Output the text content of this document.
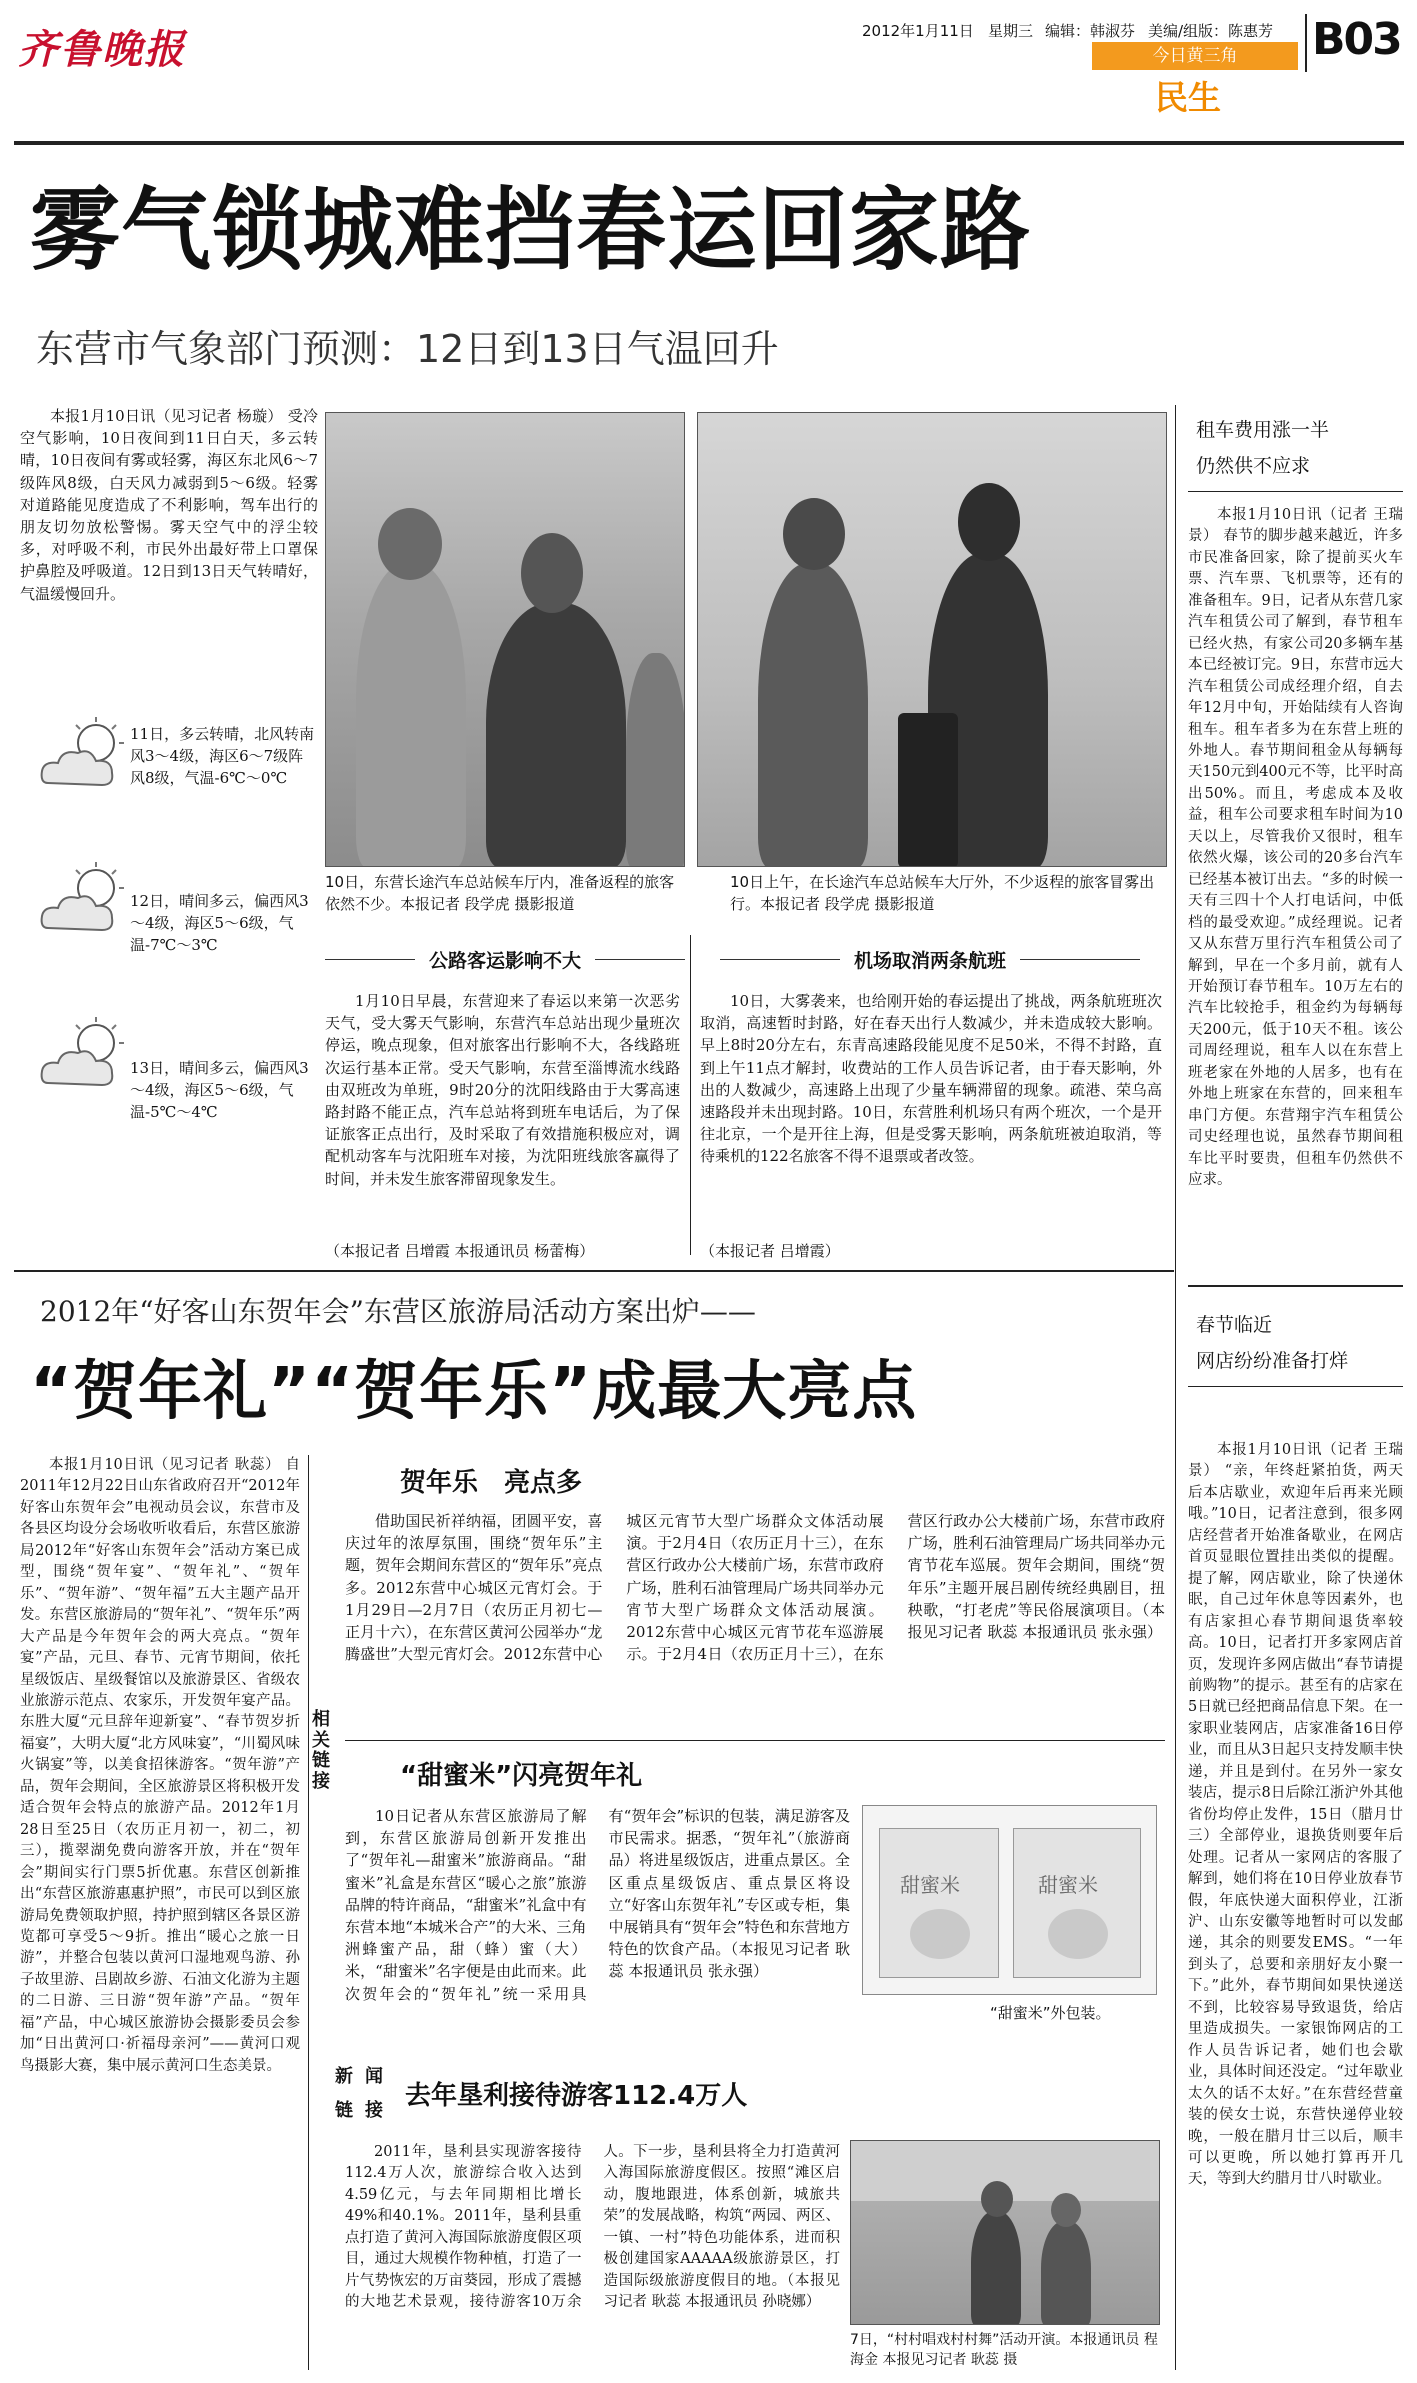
齐鲁晚报	2012年1月11日 星期三 编辑：韩淑芬 美编/组版：陈惠芳
今日黄三角
民生
B03
雾气锁城难挡春运回家路
东营市气象部门预测：12日到13日气温回升
本报1月10日讯（见习记者 杨璇） 受冷空气影响，10日夜间到11日白天，多云转晴，10日夜间有雾或轻雾，海区东北风6～7级阵风8级，白天风力减弱到5～6级。轻雾对道路能见度造成了不利影响，驾车出行的朋友切勿放松警惕。雾天空气中的浮尘较多，对呼吸不利，市民外出最好带上口罩保护鼻腔及呼吸道。12日到13日天气转晴好，气温缓慢回升。
11日，多云转晴，北风转南风3～4级，海区6～7级阵风8级，气温-6℃～0℃
12日，晴间多云，偏西风3～4级，海区5～6级，气温-7℃～3℃
13日，晴间多云，偏西风3～4级，海区5～6级，气温-5℃～4℃
10日，东营长途汽车总站候车厅内，准备返程的旅客依然不少。本报记者 段学虎 摄影报道
10日上午，在长途汽车总站候车大厅外，不少返程的旅客冒雾出行。本报记者 段学虎 摄影报道
公路客运影响不大
1月10日早晨，东营迎来了春运以来第一次恶劣天气，受大雾天气影响，东营汽车总站出现少量班次停运，晚点现象，但对旅客出行影响不大，各线路班次运行基本正常。受天气影响，东营至淄博流水线路由双班改为单班，9时20分的沈阳线路由于大雾高速路封路不能正点，汽车总站将到班车电话后，为了保证旅客正点出行，及时采取了有效措施积极应对，调配机动客车与沈阳班车对接，为沈阳班线旅客赢得了时间，并未发生旅客滞留现象发生。
（本报记者 吕增霞 本报通讯员 杨蕾梅）
机场取消两条航班
10日，大雾袭来，也给刚开始的春运提出了挑战，两条航班班次取消，高速暂时封路，好在春天出行人数减少，并未造成较大影响。早上8时20分左右，东青高速路段能见度不足50米，不得不封路，直到上午11点才解封，收费站的工作人员告诉记者，由于春天影响，外出的人数减少，高速路上出现了少量车辆滞留的现象。疏港、荣乌高速路段并未出现封路。10日，东营胜利机场只有两个班次，一个是开往北京，一个是开往上海，但是受雾天影响，两条航班被迫取消，等待乘机的122名旅客不得不退票或者改签。
（本报记者 吕增霞）
租车费用涨一半
仍然供不应求
本报1月10日讯（记者 王瑞景） 春节的脚步越来越近，许多市民准备回家，除了提前买火车票、汽车票、飞机票等，还有的准备租车。9日，记者从东营几家汽车租赁公司了解到，春节租车已经火热，有家公司20多辆车基本已经被订完。9日，东营市远大汽车租赁公司成经理介绍，自去年12月中旬，开始陆续有人咨询租车。租车者多为在东营上班的外地人。春节期间租金从每辆每天150元到400元不等，比平时高出50%。而且，考虑成本及收益，租车公司要求租车时间为10天以上，尽管我价又很时，租车依然火爆，该公司的20多台汽车已经基本被订出去。“多的时候一天有三四十个人打电话问，中低档的最受欢迎。”成经理说。记者又从东营万里行汽车租赁公司了解到，早在一个多月前，就有人开始预订春节租车。10万左右的汽车比较抢手，租金约为每辆每天200元，低于10天不租。该公司周经理说，租车人以在东营上班老家在外地的人居多，也有在外地上班家在东营的，回来租车串门方便。东营翔宇汽车租赁公司史经理也说，虽然春节期间租车比平时要贵，但租车仍然供不应求。
春节临近
网店纷纷准备打烊
本报1月10日讯（记者 王瑞景） “亲，年终赶紧拍货，两天后本店歇业，欢迎年后再来光顾哦。”10日，记者注意到，很多网店经营者开始准备歇业，在网店首页显眼位置挂出类似的提醒。提了解，网店歇业，除了快递休眠，自己过年休息等因素外，也有店家担心春节期间退货率较高。10日，记者打开多家网店首页，发现许多网店做出“春节请提前购物”的提示。甚至有的店家在5日就已经把商品信息下架。在一家职业装网店，店家准备16日停业，而且从3日起只支持发顺丰快递，并且是到付。在另外一家女装店，提示8日后除江浙沪外其他省份均停止发件，15日（腊月廿三）全部停业，退换货则要年后处理。记者从一家网店的客服了解到，她们将在10日停业放春节假，年底快递大面积停业，江浙沪、山东安徽等地暂时可以发邮递，其余的则要发EMS。“一年到头了，总要和亲朋好友小聚一下。”此外，春节期间如果快递送不到，比较容易导致退货，给店里造成损失。一家银饰网店的工作人员告诉记者，她们也会歇业，具体时间还没定。“过年歇业太久的话不太好。”在东营经营童装的侯女士说，东营快递停业较晚，一般在腊月廿三以后，顺丰可以更晚，所以她打算再开几天，等到大约腊月廿八时歇业。
2012年“好客山东贺年会”东营区旅游局活动方案出炉——
“贺年礼”“贺年乐”成最大亮点
本报1月10日讯（见习记者 耿蕊） 自2011年12月22日山东省政府召开“2012年好客山东贺年会”电视动员会议，东营市及各县区均设分会场收听收看后，东营区旅游局2012年“好客山东贺年会”活动方案已成型，围绕“贺年宴”、“贺年礼”、“贺年乐”、“贺年游”、“贺年福”五大主题产品开发。东营区旅游局的“贺年礼”、“贺年乐”两大产品是今年贺年会的两大亮点。“贺年宴”产品，元旦、春节、元宵节期间，依托星级饭店、星级餐馆以及旅游景区、省级农业旅游示范点、农家乐，开发贺年宴产品。东胜大厦“元旦辞年迎新宴”、“春节贺岁折福宴”，大明大厦“北方风味宴”，“川蜀风味火锅宴”等，以美食招徕游客。“贺年游”产品，贺年会期间，全区旅游景区将积极开发适合贺年会特点的旅游产品。2012年1月28日至25日（农历正月初一，初二，初三），揽翠湖免费向游客开放，并在“贺年会”期间实行门票5折优惠。东营区创新推出“东营区旅游惠惠护照”，市民可以到区旅游局免费领取护照，持护照到辖区各景区游览都可享受5～9折。推出“暖心之旅一日游”，并整合包装以黄河口湿地观鸟游、孙子故里游、吕剧故乡游、石油文化游为主题的二日游、三日游“贺年游”产品。“贺年福”产品，中心城区旅游协会摄影委员会参加“日出黄河口·祈福母亲河”——黄河口观鸟摄影大赛，集中展示黄河口生态美景。
相关链接
贺年乐　亮点多
借助国民祈祥纳福，团圆平安，喜庆过年的浓厚氛围，围绕“贺年乐”主题，贺年会期间东营区的“贺年乐”亮点多。2012东营中心城区元宵灯会。于1月29日—2月7日（农历正月初七—正月十六），在东营区黄河公园举办“龙腾盛世”大型元宵灯会。2012东营中心城区元宵节大型广场群众文体活动展演。于2月4日（农历正月十三），在东营区行政办公大楼前广场，东营市政府广场，胜利石油管理局广场共同举办元宵节大型广场群众文体活动展演。2012东营中心城区元宵节花车巡游展示。于2月4日（农历正月十三），在东营区行政办公大楼前广场，东营市政府广场，胜利石油管理局广场共同举办元宵节花车巡展。贺年会期间，围绕“贺年乐”主题开展吕剧传统经典剧目，扭秧歌，“打老虎”等民俗展演项目。（本报见习记者 耿蕊 本报通讯员 张永强）
“甜蜜米”闪亮贺年礼
10日记者从东营区旅游局了解到，东营区旅游局创新开发推出了“贺年礼—甜蜜米”旅游商品。“甜蜜米”礼盒是东营区“暖心之旅”旅游品牌的特许商品，“甜蜜米”礼盒中有东营本地“本城米合产”的大米、三角洲蜂蜜产品，甜（蜂）蜜（大）米，“甜蜜米”名字便是由此而来。此次贺年会的“贺年礼”统一采用具有“贺年会”标识的包装，满足游客及市民需求。据悉，“贺年礼”（旅游商品）将进星级饭店，进重点景区。全区重点星级饭店、重点景区将设立“好客山东贺年礼”专区或专柜，集中展销具有“贺年会”特色和东营地方特色的饮食产品。（本报见习记者 耿蕊 本报通讯员 张永强）
甜蜜米	甜蜜米
“甜蜜米”外包装。
新闻链接 去年垦利接待游客112.4万人
2011年，垦利县实现游客接待112.4万人次，旅游综合收入达到4.59亿元，与去年同期相比增长49%和40.1%。2011年，垦利县重点打造了黄河入海国际旅游度假区项目，通过大规模作物种植，打造了一片气势恢宏的万亩葵园，形成了震撼的大地艺术景观，接待游客10万余人。下一步，垦利县将全力打造黄河入海国际旅游度假区。按照“滩区启动，腹地跟进，体系创新，城旅共荣”的发展战略，构筑“两园、两区、一镇、一村”特色功能体系，进而积极创建国家AAAAA级旅游景区，打造国际级旅游度假目的地。（本报见习记者 耿蕊 本报通讯员 孙晓娜）
7日，“村村唱戏村村舞”活动开演。本报通讯员 程海金 本报见习记者 耿蕊 摄
